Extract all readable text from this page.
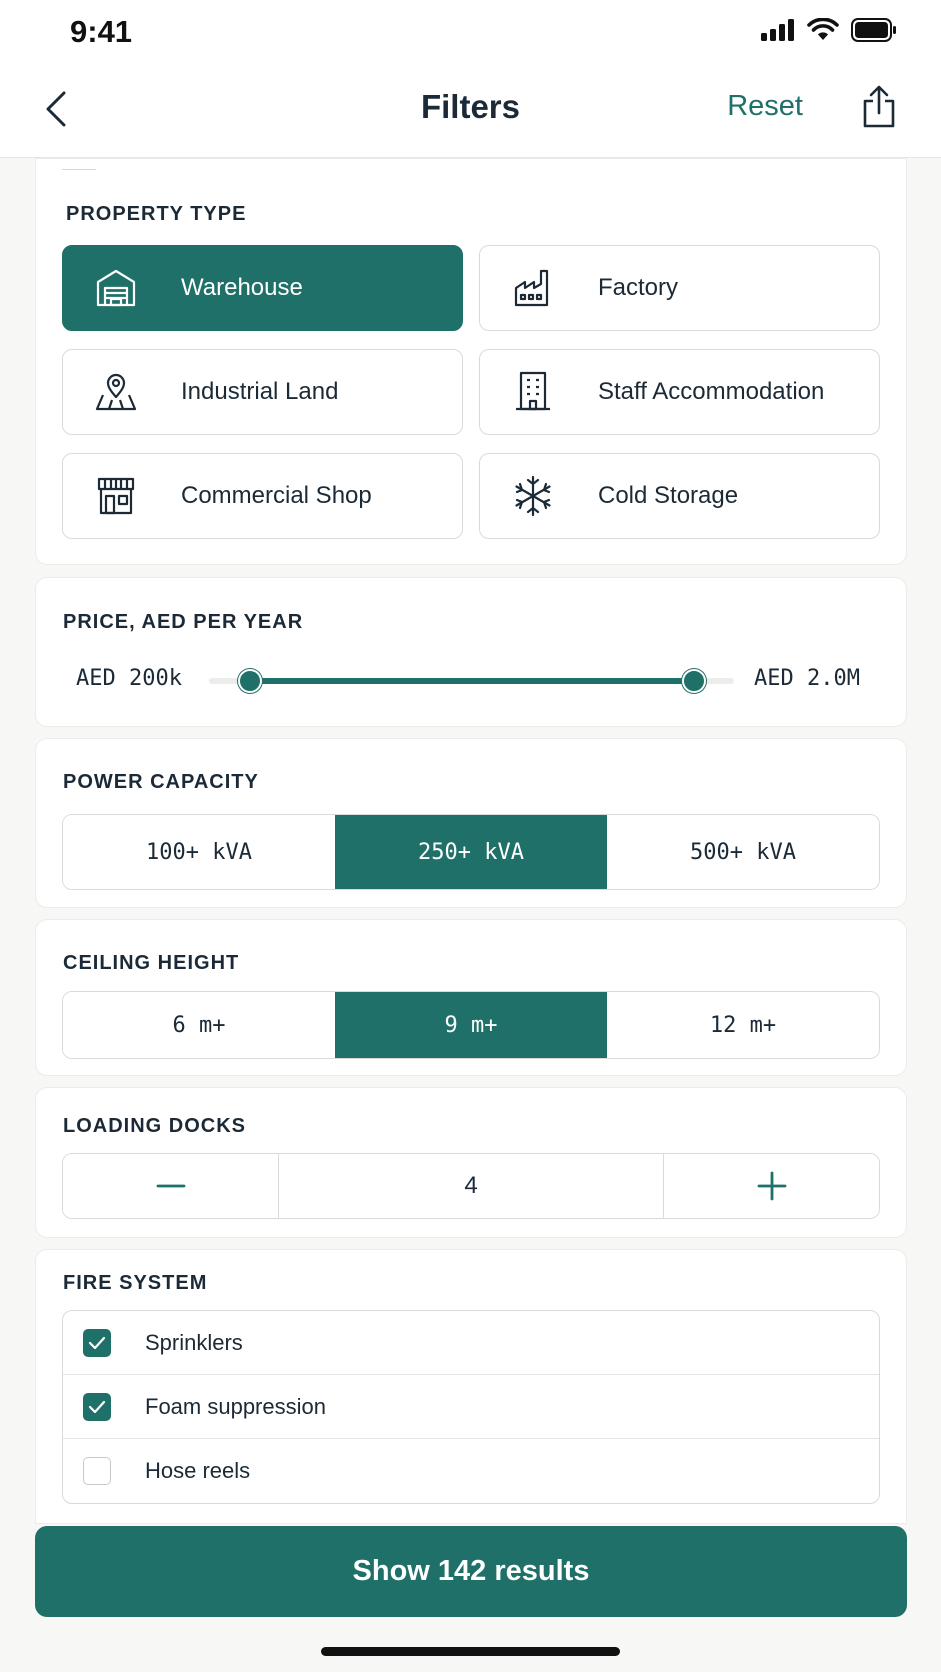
9:41
Filters	Reset
PROPERTY TYPE
Warehouse	Factory
Industrial Land	Staff Accommodation
Commercial Shop	Cold Storage
PRICE, AED PER YEAR
AED 200k	AED 2.0M
POWER CAPACITY
100+ kVA	250+ kVA	500+ kVA
CEILING HEIGHT
6 m+	9 m+	12 m+
LOADING DOCKS
4
FIRE SYSTEM
Sprinklers
Foam suppression
Hose reels
Show 142 results
